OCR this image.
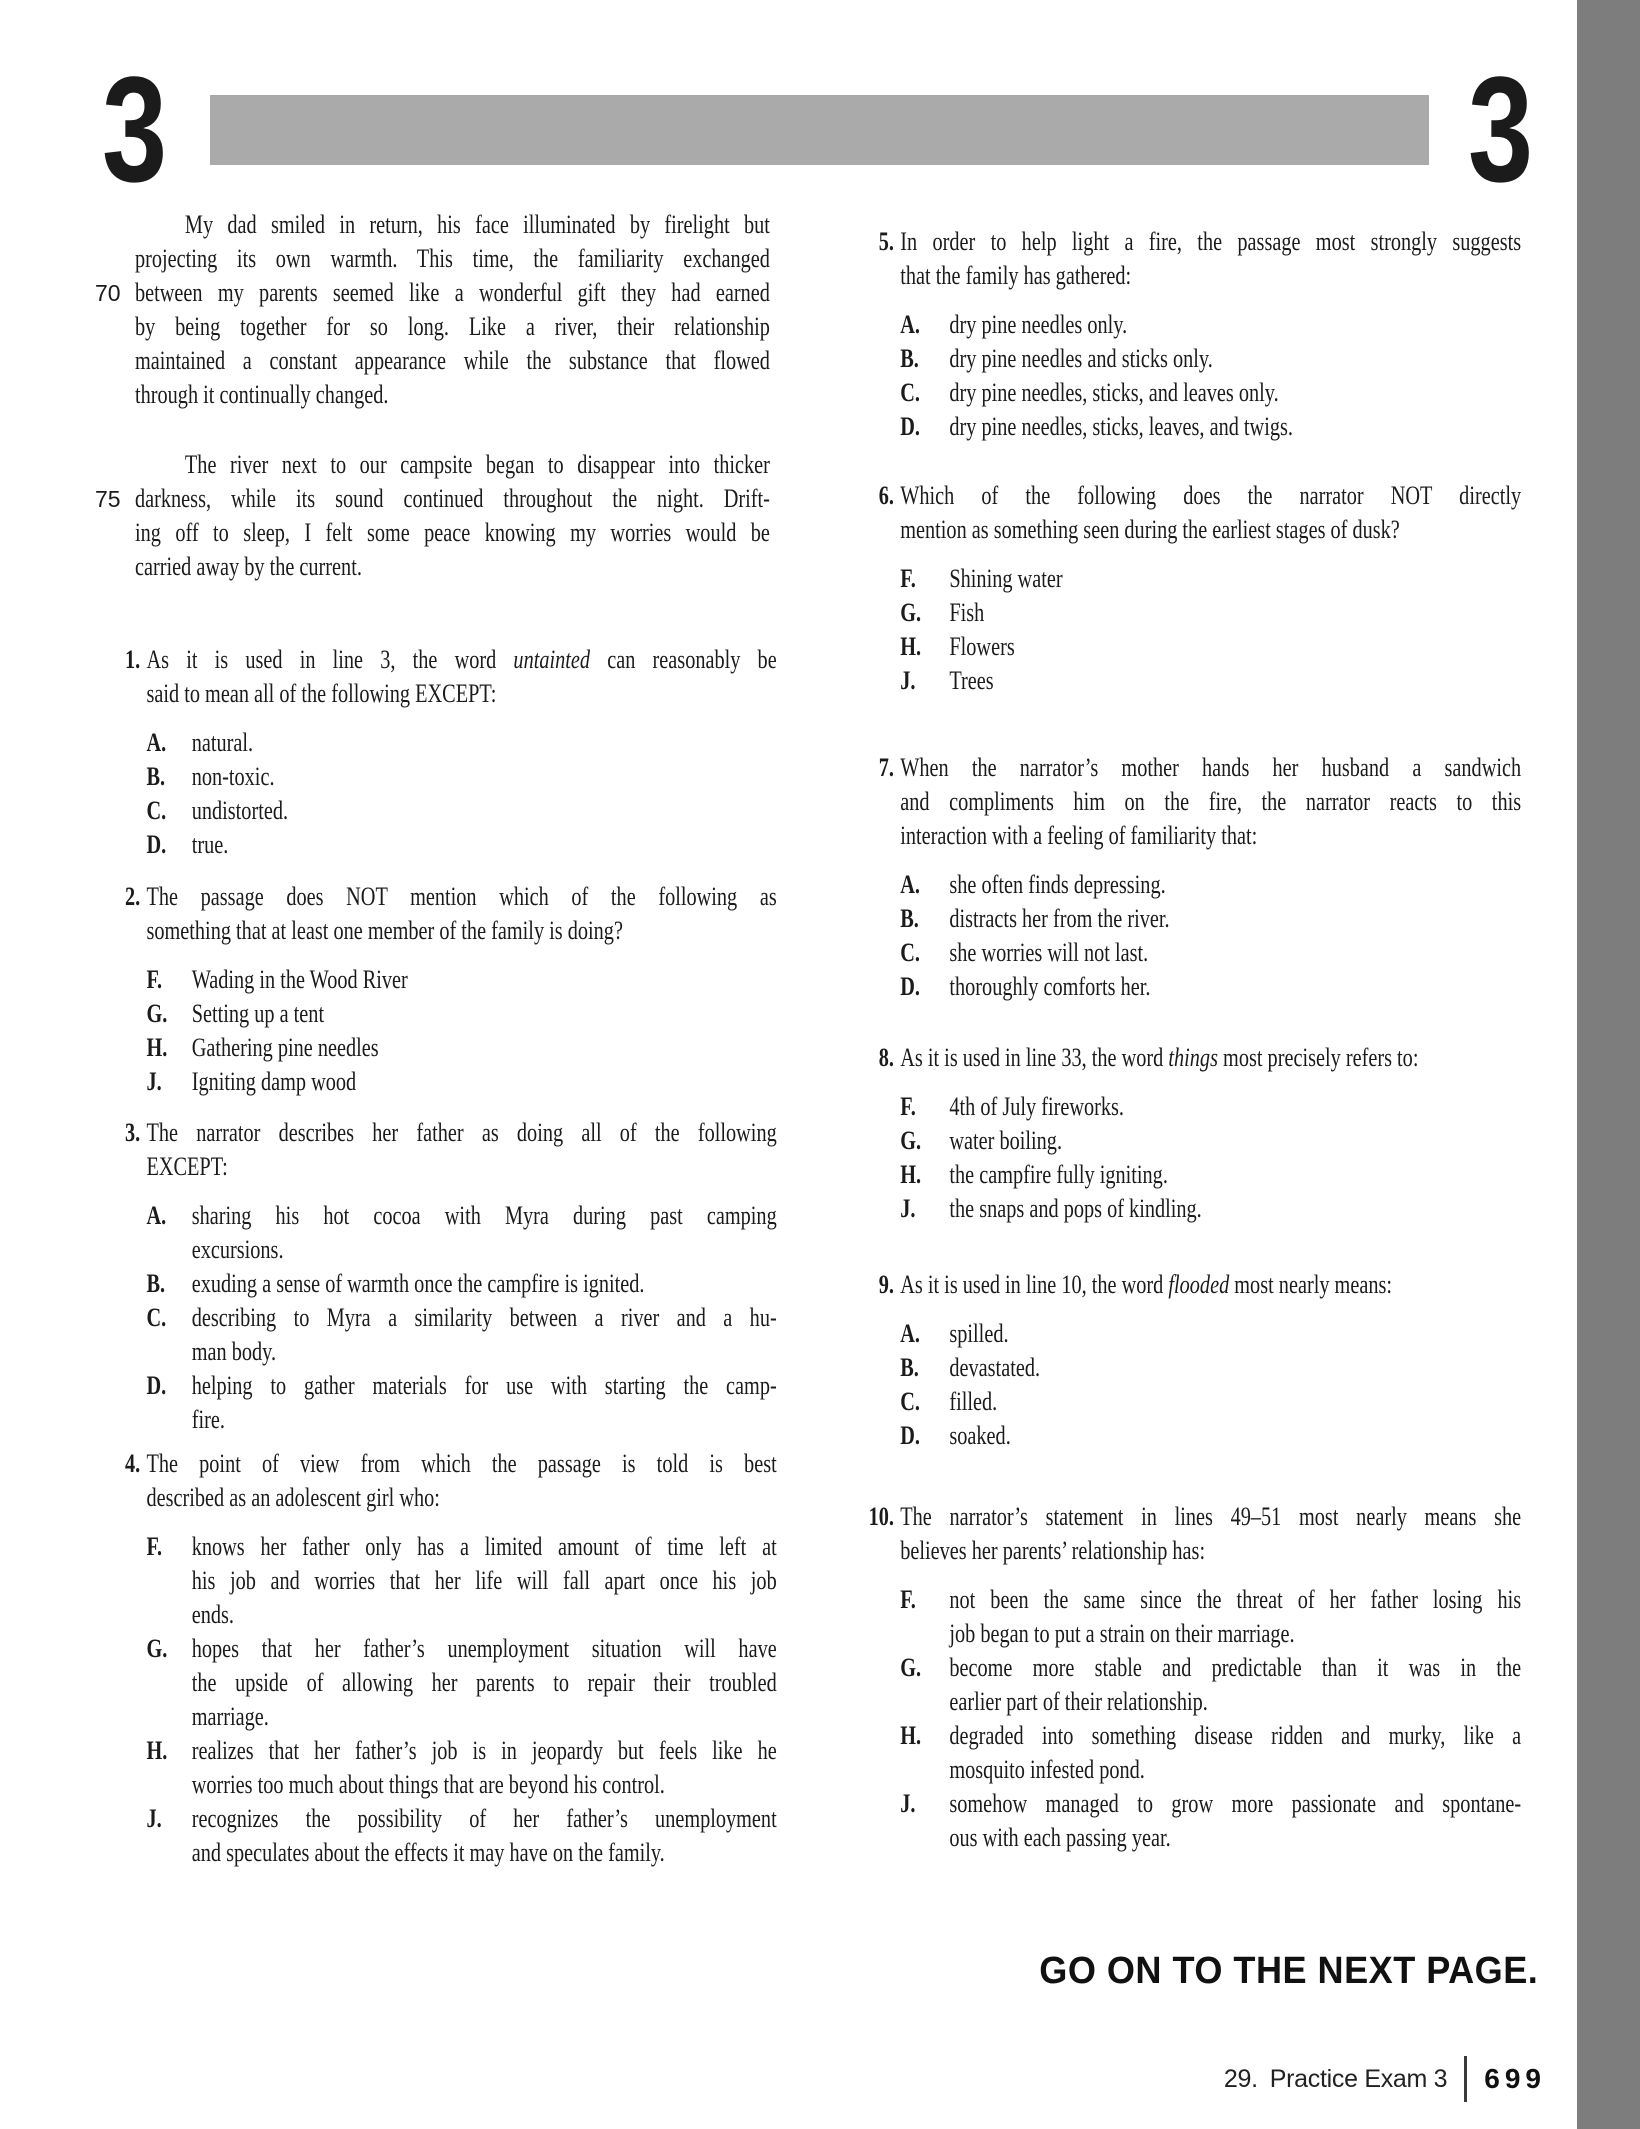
3	3
My dad smiled in return, his face illuminated by firelight but
projecting its own warmth. This time, the familiarity exchanged
between my parents seemed like a wonderful gift they had earned
by being together for so long. Like a river, their relationship
maintained a constant appearance while the substance that flowed
through it continually changed.
The river next to our campsite began to disappear into thicker
darkness, while its sound continued throughout the night. Drift-
ing off to sleep, I felt some peace knowing my worries would be
carried away by the current.
70
75
1. As it is used in line 3, the word untainted can reasonably be
said to mean all of the following EXCEPT:
A. natural.
B. non-toxic.
C. undistorted.
D. true.
2. The passage does NOT mention which of the following as
something that at least one member of the family is doing?
F. Wading in the Wood River
G. Setting up a tent
H. Gathering pine needles
J. Igniting damp wood
3. The narrator describes her father as doing all of the following
EXCEPT:
A. sharing his hot cocoa with Myra during past camping
excursions.
B. exuding a sense of warmth once the campfire is ignited.
C. describing to Myra a similarity between a river and a hu-
man body.
D. helping to gather materials for use with starting the camp-
fire.
4. The point of view from which the passage is told is best
described as an adolescent girl who:
F. knows her father only has a limited amount of time left at
his job and worries that her life will fall apart once his job
ends.
G. hopes that her father’s unemployment situation will have
the upside of allowing her parents to repair their troubled
marriage.
H. realizes that her father’s job is in jeopardy but feels like he
worries too much about things that are beyond his control.
J. recognizes the possibility of her father’s unemployment
and speculates about the effects it may have on the family.
5. In order to help light a fire, the passage most strongly suggests
that the family has gathered:
A. dry pine needles only.
B. dry pine needles and sticks only.
C. dry pine needles, sticks, and leaves only.
D. dry pine needles, sticks, leaves, and twigs.
6. Which of the following does the narrator NOT directly
mention as something seen during the earliest stages of dusk?
F. Shining water
G. Fish
H. Flowers
J. Trees
7. When the narrator’s mother hands her husband a sandwich
and compliments him on the fire, the narrator reacts to this
interaction with a feeling of familiarity that:
A. she often finds depressing.
B. distracts her from the river.
C. she worries will not last.
D. thoroughly comforts her.
8. As it is used in line 33, the word things most precisely refers to:
F. 4th of July fireworks.
G. water boiling.
H. the campfire fully igniting.
J. the snaps and pops of kindling.
9. As it is used in line 10, the word flooded most nearly means:
A. spilled.
B. devastated.
C. filled.
D. soaked.
10. The narrator’s statement in lines 49–51 most nearly means she
believes her parents’ relationship has:
F. not been the same since the threat of her father losing his
job began to put a strain on their marriage.
G. become more stable and predictable than it was in the
earlier part of their relationship.
H. degraded into something disease ridden and murky, like a
mosquito infested pond.
J. somehow managed to grow more passionate and spontane-
ous with each passing year.
GO ON TO THE NEXT PAGE.
29. Practice Exam 3 699
